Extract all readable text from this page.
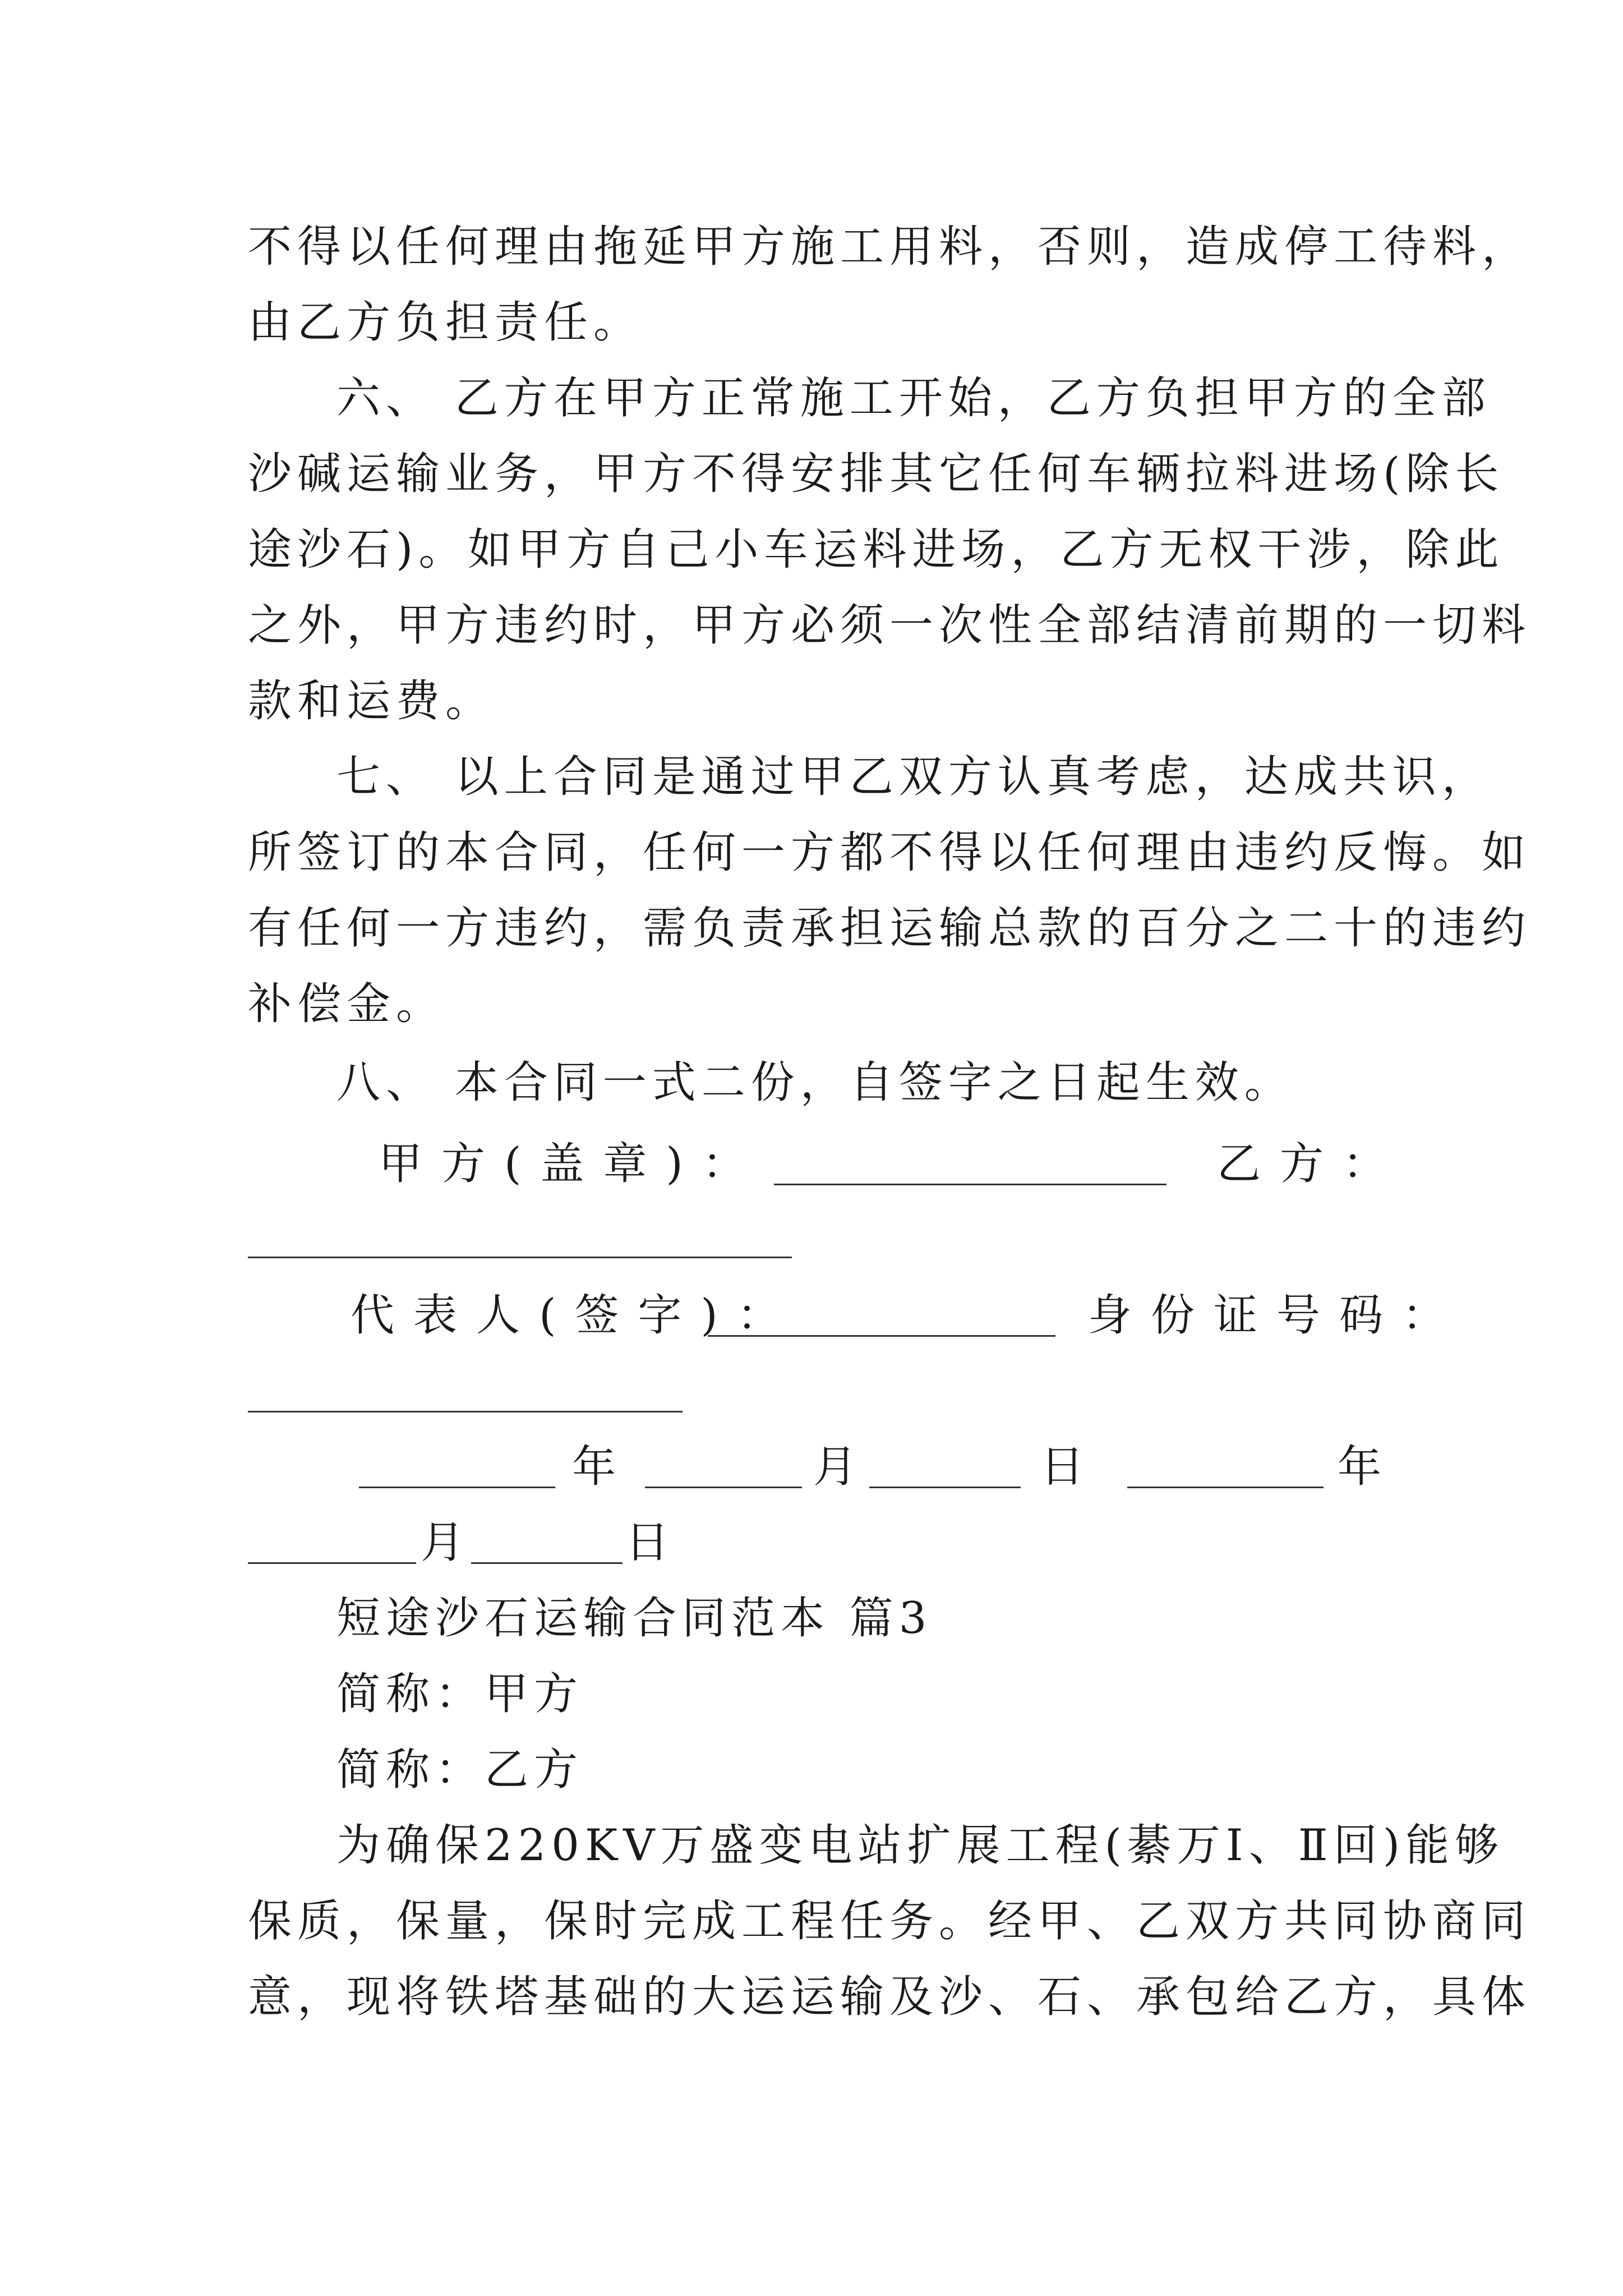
不得以任何理由拖延甲方施工用料，否则，造成停工待料，
由乙方负担责任。
六、 乙方在甲方正常施工开始，乙方负担甲方的全部
沙碱运输业务，甲方不得安排其它任何车辆拉料进场(除长
途沙石)。如甲方自己小车运料进场，乙方无权干涉，除此
之外，甲方违约时，甲方必须一次性全部结清前期的一切料
款和运费。
七、 以上合同是通过甲乙双方认真考虑，达成共识，
所签订的本合同，任何一方都不得以任何理由违约反悔。如
有任何一方违约，需负责承担运输总款的百分之二十的违约
补偿金。
八、 本合同一式二份，自签字之日起生效。
甲方(盖章)：	乙方：
代表人(签字)：	身份证号码：
年	月	日	年
月	日
短途沙石运输合同范本 篇3
简称：甲方
简称：乙方
为确保220KV万盛变电站扩展工程(綦万Ⅰ、Ⅱ回)能够
保质，保量，保时完成工程任务。经甲、乙双方共同协商同
意，现将铁塔基础的大运运输及沙、石、承包给乙方，具体
